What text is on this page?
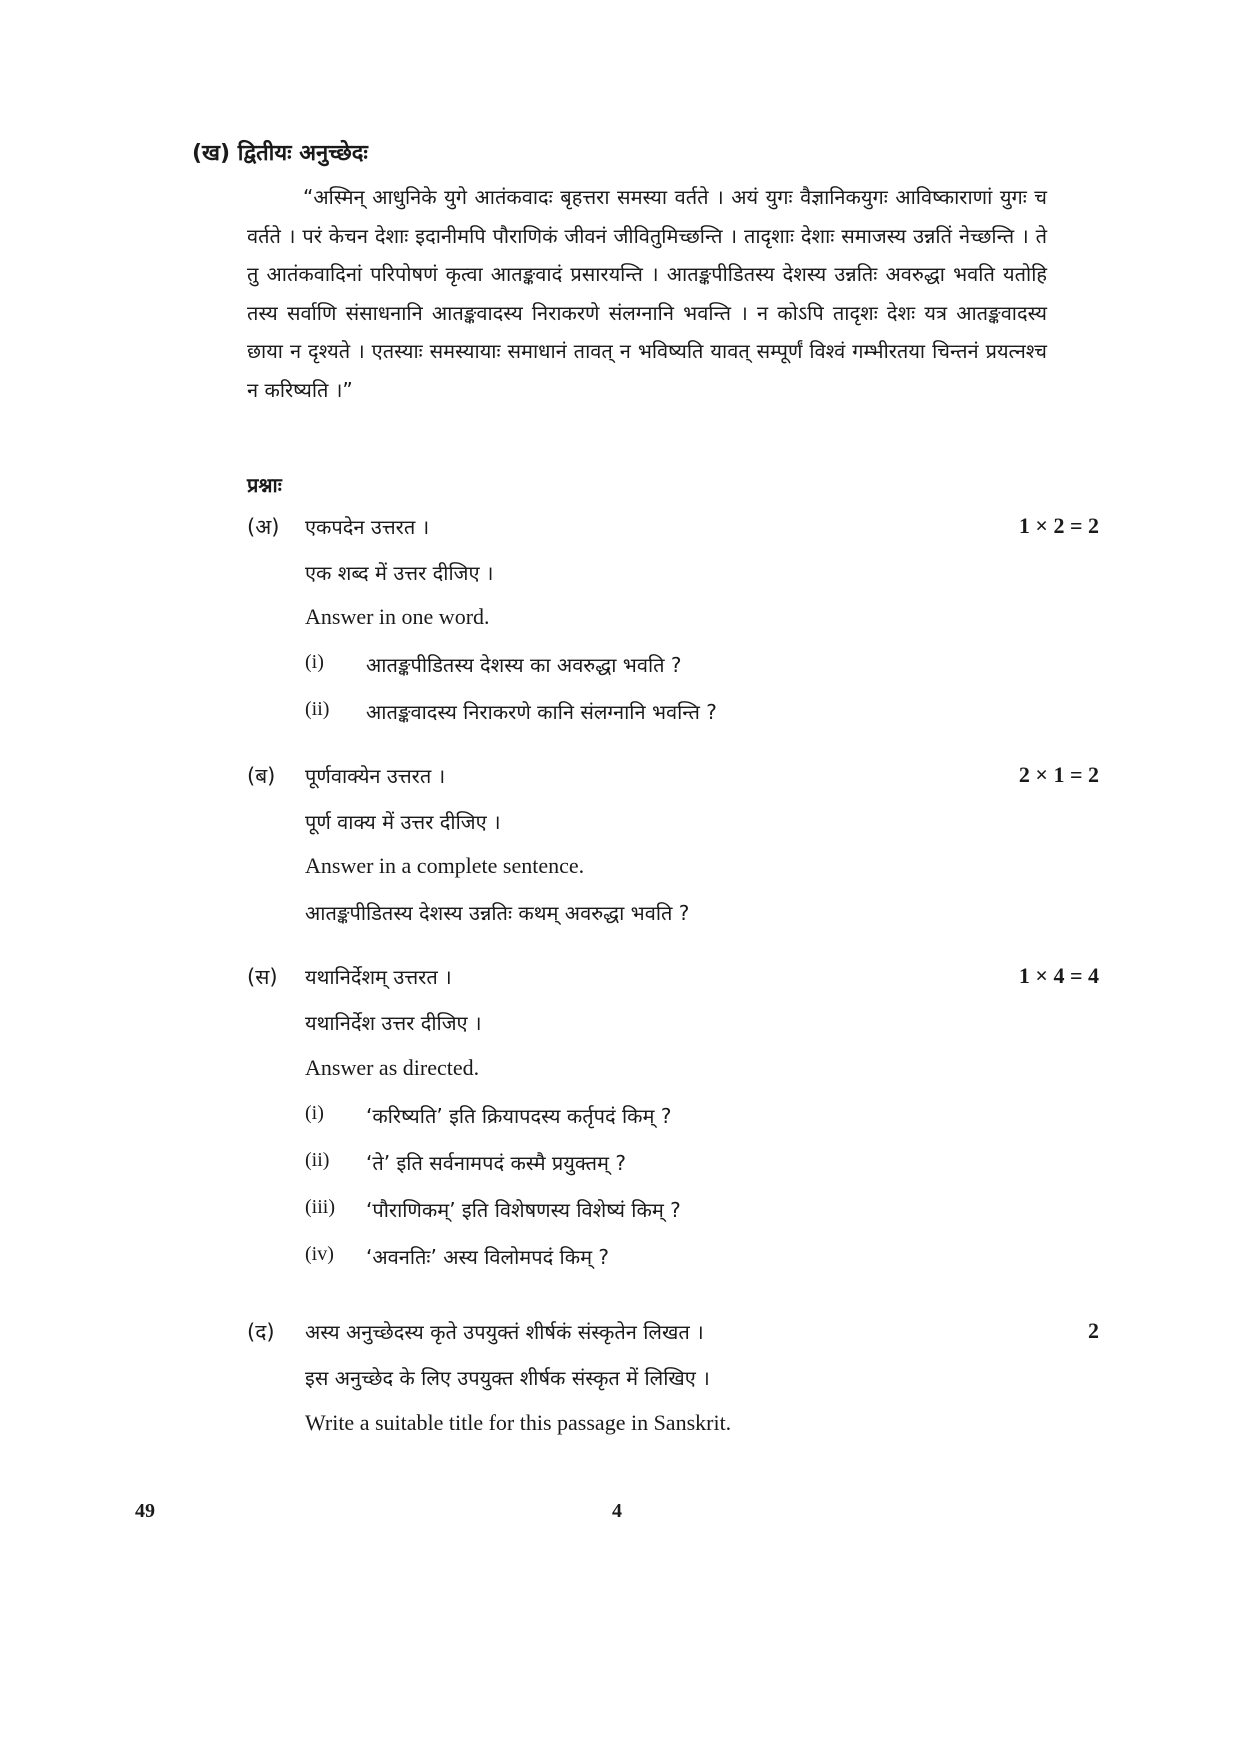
(ख) द्वितीयः अनुच्छेदः
“अस्मिन् आधुनिके युगे आतंकवादः बृहत्तरा समस्या वर्तते । अयं युगः वैज्ञानिकयुगः आविष्काराणां युगः च वर्तते । परं केचन देशाः इदानीमपि पौराणिकं जीवनं जीवितुमिच्छन्ति । तादृशाः देशाः समाजस्य उन्नतिं नेच्छन्ति । ते तु आतंकवादिनां परिपोषणं कृत्वा आतङ्कवादं प्रसारयन्ति । आतङ्कपीडितस्य देशस्य उन्नतिः अवरुद्धा भवति यतोहि तस्य सर्वाणि संसाधनानि आतङ्कवादस्य निराकरणे संलग्नानि भवन्ति । न कोऽपि तादृशः देशः यत्र आतङ्कवादस्य छाया न दृश्यते । एतस्याः समस्यायाः समाधानं तावत् न भविष्यति यावत् सम्पूर्णं विश्वं गम्भीरतया चिन्तनं प्रयत्नश्च न करिष्यति ।”
प्रश्नाः
(अ) एकपदेन उत्तरत ।	1 × 2 = 2
एक शब्द में उत्तर दीजिए ।
Answer in one word.
(i) आतङ्कपीडितस्य देशस्य का अवरुद्धा भवति ?
(ii) आतङ्कवादस्य निराकरणे कानि संलग्नानि भवन्ति ?
(ब) पूर्णवाक्येन उत्तरत ।	2 × 1 = 2
पूर्ण वाक्य में उत्तर दीजिए ।
Answer in a complete sentence.
आतङ्कपीडितस्य देशस्य उन्नतिः कथम् अवरुद्धा भवति ?
(स) यथानिर्देशम् उत्तरत ।	1 × 4 = 4
यथानिर्देश उत्तर दीजिए ।
Answer as directed.
(i) ‘करिष्यति’ इति क्रियापदस्य कर्तृपदं किम् ?
(ii) ‘ते’ इति सर्वनामपदं कस्मै प्रयुक्तम् ?
(iii) ‘पौराणिकम्’ इति विशेषणस्य विशेष्यं किम् ?
(iv) ‘अवनतिः’ अस्य विलोमपदं किम् ?
(द) अस्य अनुच्छेदस्य कृते उपयुक्तं शीर्षकं संस्कृतेन लिखत ।	2
इस अनुच्छेद के लिए उपयुक्त शीर्षक संस्कृत में लिखिए ।
Write a suitable title for this passage in Sanskrit.
49	4
